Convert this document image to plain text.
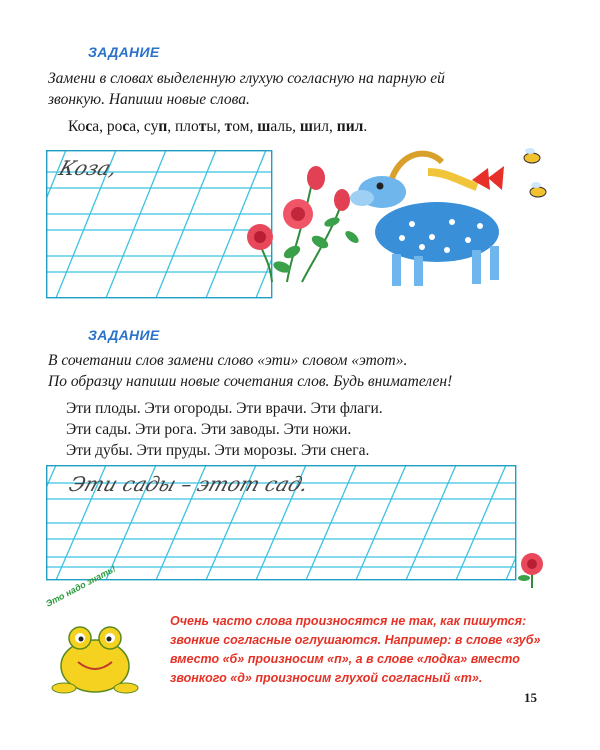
ЗАДАНИЕ
Замени в словах выделенную глухую согласную на парную ей
звонкую. Напиши новые слова.
Коса, роса, суп, плоты, том, шаль, шил, пил.
Коза,
ЗАДАНИЕ
В сочетании слов замени слово «эти» словом «этот».
По образцу напиши новые сочетания слов. Будь внимателен!
Эти плоды. Эти огороды. Эти врачи. Эти флаги.
Эти сады. Эти рога. Эти заводы. Эти ножи.
Эти дубы. Эти пруды. Эти морозы. Эти снега.
Эти сады – этот сад.
Это надо знать!
Очень часто слова произносятся не так, как пишутся:
звонкие согласные оглушаются. Например: в слове «зуб»
вместо «б» произносим «п», а в слове «лодка» вместо
звонкого «д» произносим глухой согласный «т».
15
